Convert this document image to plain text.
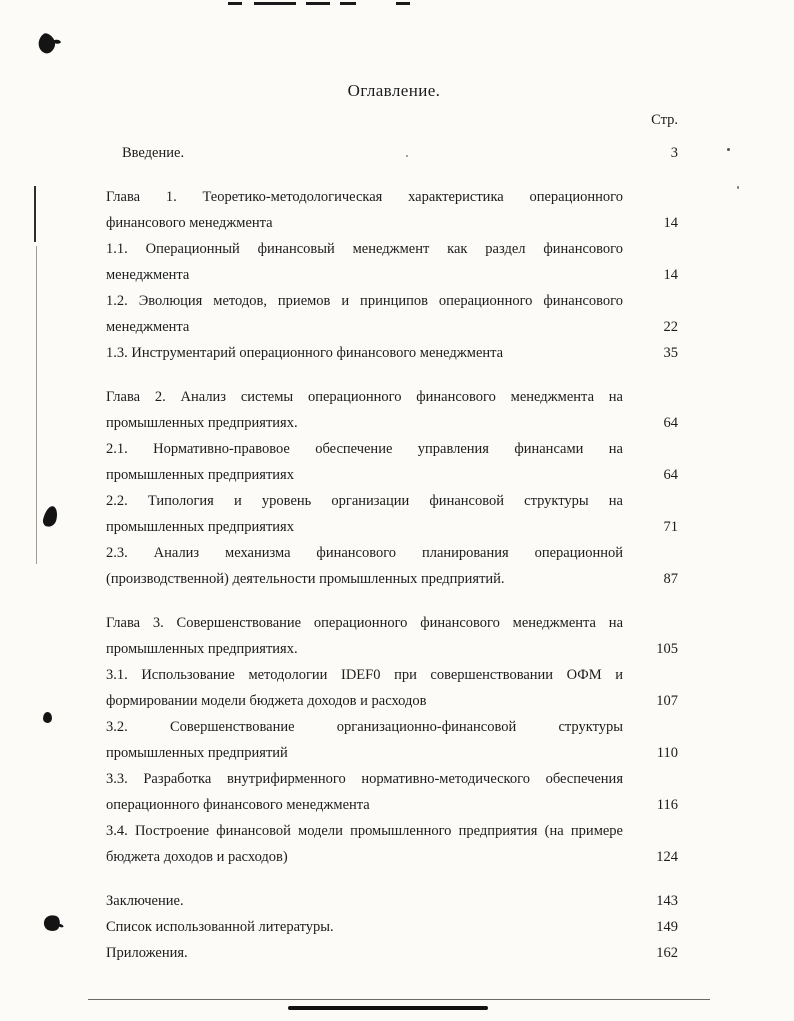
Оглавление.
Стр.
Введение.	3
Глава 1. Теоретико-методологическая характеристика операционного
финансового менеджмента	14
1.1. Операционный финансовый менеджмент как раздел финансового
менеджмента	14
1.2. Эволюция методов, приемов и принципов операционного финансового
менеджмента	22
1.3. Инструментарий операционного финансового менеджмента	35
Глава 2. Анализ системы операционного финансового менеджмента на
промышленных предприятиях.	64
2.1. Нормативно-правовое обеспечение управления финансами на
промышленных предприятиях	64
2.2. Типология и уровень организации финансовой структуры на
промышленных предприятиях	71
2.3. Анализ механизма финансового планирования операционной
(производственной) деятельности промышленных предприятий.	87
Глава 3. Совершенствование операционного финансового менеджмента на
промышленных предприятиях.	105
3.1. Использование методологии IDEF0 при совершенствовании ОФМ и
формировании модели бюджета доходов и расходов	107
3.2. Совершенствование организационно-финансовой структуры
промышленных предприятий	110
3.3. Разработка внутрифирменного нормативно-методического обеспечения
операционного финансового менеджмента	116
3.4. Построение финансовой модели промышленного предприятия (на примере
бюджета доходов и расходов)	124
Заключение.	143
Список использованной литературы.	149
Приложения.	162
